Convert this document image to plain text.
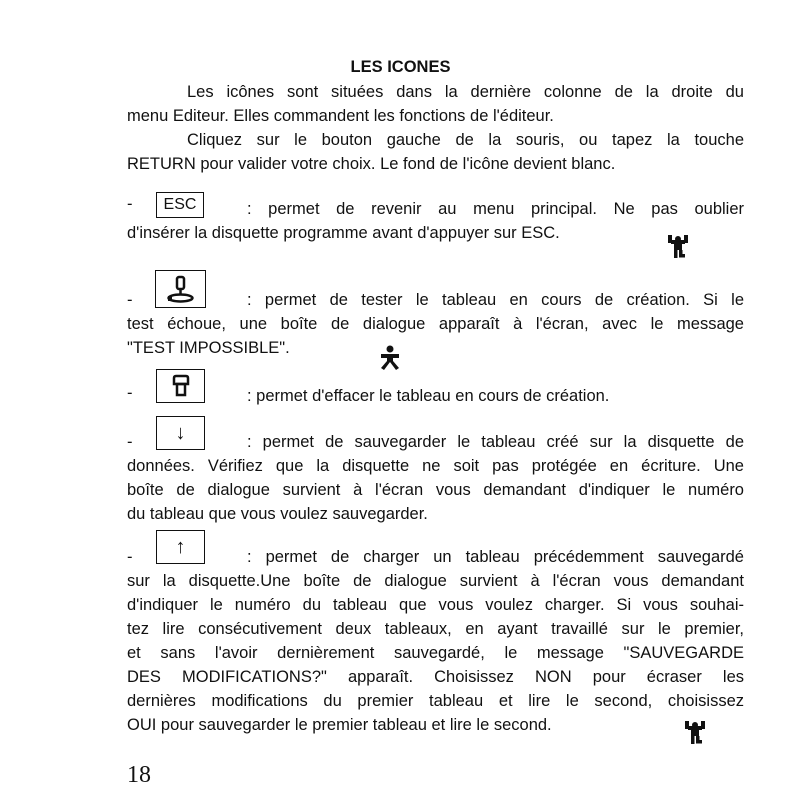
LES ICONES
Les icônes sont situées dans la dernière colonne de la droite du
menu Editeur. Elles commandent les fonctions de l'éditeur.
Cliquez sur le bouton gauche de la souris, ou tapez la touche
RETURN pour valider votre choix. Le fond de l'icône devient blanc.
- ESC	: permet de revenir au menu principal. Ne pas oublier
d'insérer la disquette programme avant d'appuyer sur ESC.
-	: permet de tester le tableau en cours de création. Si le
test échoue, une boîte de dialogue apparaît à l'écran, avec le message
"TEST IMPOSSIBLE".
-	: permet d'effacer le tableau en cours de création.
- ↓	: permet de sauvegarder le tableau créé sur la disquette de
données. Vérifiez que la disquette ne soit pas protégée en écriture. Une
boîte de dialogue survient à l'écran vous demandant d'indiquer le numéro
du tableau que vous voulez sauvegarder.
- ↑	: permet de charger un tableau précédemment sauvegardé
sur la disquette.Une boîte de dialogue survient à l'écran vous demandant
d'indiquer le numéro du tableau que vous voulez charger. Si vous souhai-
tez lire consécutivement deux tableaux, en ayant travaillé sur le premier,
et sans l'avoir dernièrement sauvegardé, le message "SAUVEGARDE
DES MODIFICATIONS?" apparaît. Choisissez NON pour écraser les
dernières modifications du premier tableau et lire le second, choisissez
OUI pour sauvegarder le premier tableau et lire le second.
18
